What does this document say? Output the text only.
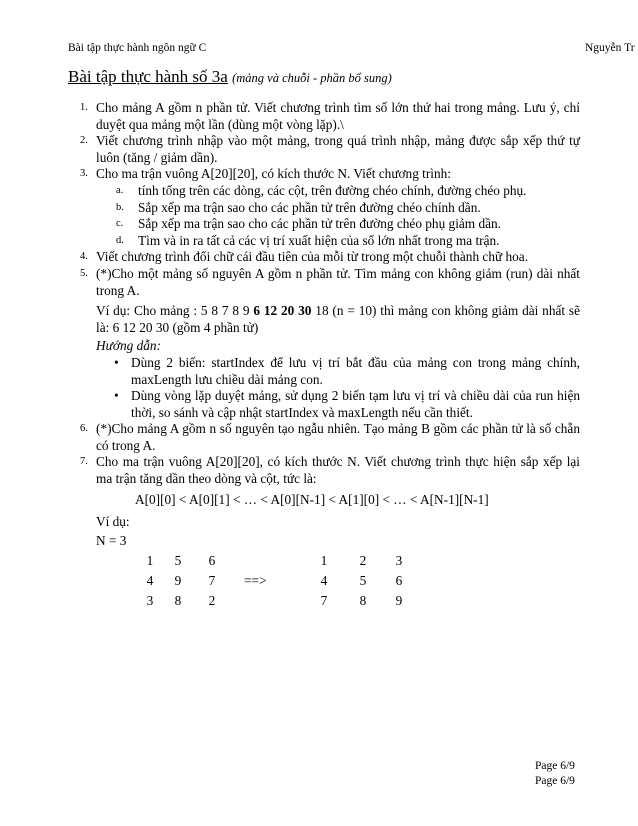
Bài tập thực hành ngôn ngữ C	Nguyễn Tr
Bài tập thực hành số 3a (mảng và chuỗi - phần bổ sung)
1. Cho mảng A gồm n phần tử. Viết chương trình tìm số lớn thứ hai trong mảng. Lưu ý, chỉ duyệt qua mảng một lần (dùng một vòng lặp).\
2. Viết chương trình nhập vào một mảng, trong quá trình nhập, mảng được sắp xếp thứ tự luôn (tăng / giảm dần).
3. Cho ma trận vuông A[20][20], có kích thước N. Viết chương trình:
a. tính tổng trên các dòng, các cột, trên đường chéo chính, đường chéo phụ.
b. Sắp xếp ma trận sao cho các phần tử trên đường chéo chính dần.
c. Sắp xếp ma trận sao cho các phần tử trên đường chéo phụ giảm dần.
d. Tìm và in ra tất cả các vị trí xuất hiện của số lớn nhất trong ma trận.
4. Viết chương trình đổi chữ cái đầu tiên của mỗi từ trong một chuỗi thành chữ hoa.
5. (*)Cho một mảng số nguyên A gồm n phần tử. Tìm mảng con không giảm (run) dài nhất trong A.
Ví dụ: Cho mảng : 5 8 7 8 9 6 12 20 30 18 (n = 10) thì mảng con không giảm dài nhất sẽ là: 6 12 20 30 (gồm 4 phần tử)
Hướng dẫn:
• Dùng 2 biến: startIndex để lưu vị trí bắt đầu của mảng con trong mảng chính, maxLength lưu chiều dài mảng con.
• Dùng vòng lặp duyệt mảng, sử dụng 2 biến tạm lưu vị trí và chiều dài của run hiện thời, so sánh và cập nhật startIndex và maxLength nếu cần thiết.
6. (*)Cho mảng A gồm n số nguyên tạo ngẫu nhiên. Tạo mảng B gồm các phần tử là số chẵn có trong A.
7. Cho ma trận vuông A[20][20], có kích thước N. Viết chương trình thực hiện sắp xếp lại ma trận tăng dần theo dòng và cột, tức là:
A[0][0] < A[0][1] < … < A[0][N-1] < A[1][0] < … < A[N-1][N-1]
Ví dụ:
N = 3
1 5 6
4 9 7
3 8 2
==>
1 2 3
4 5 6
7 8 9
Page 6/9
Page 6/9
